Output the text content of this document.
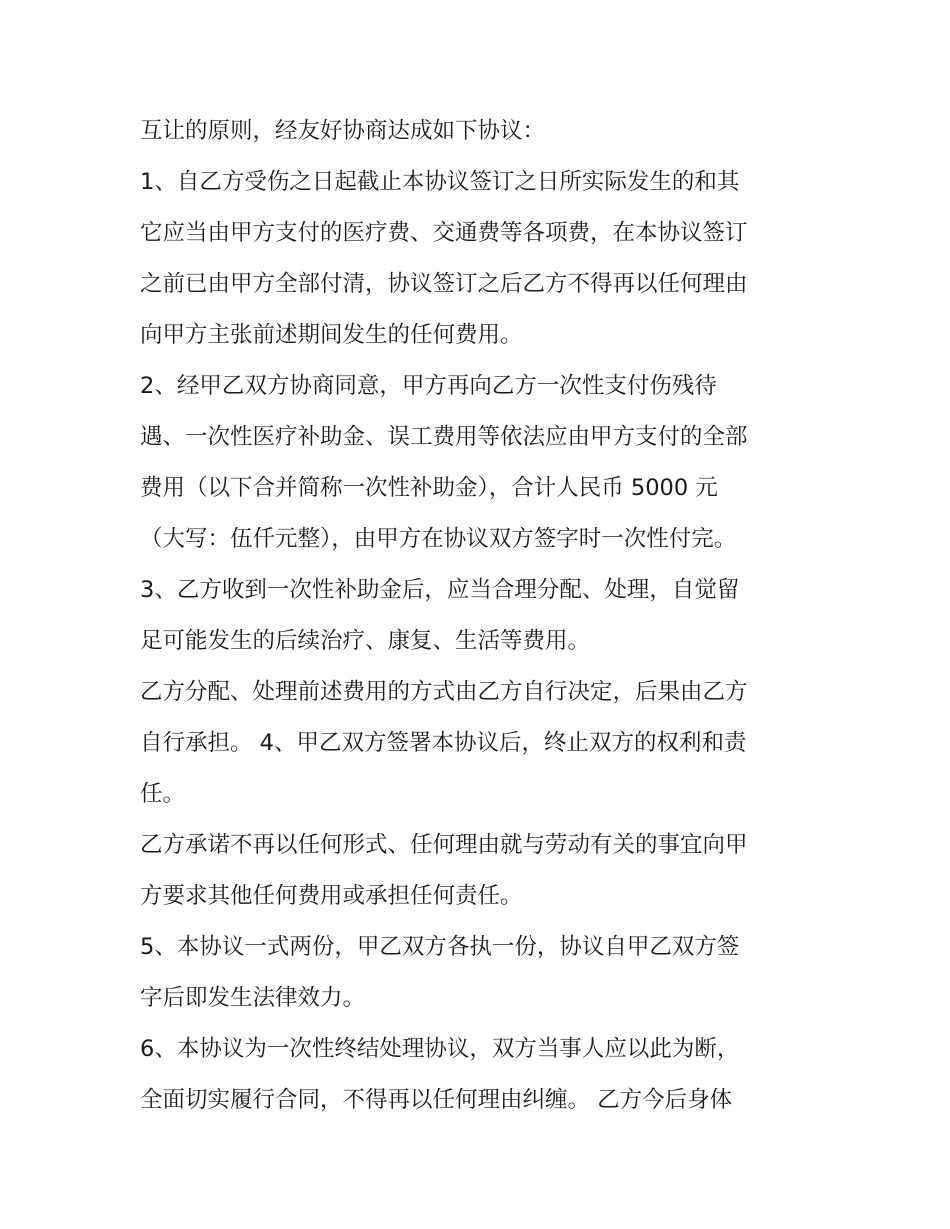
互让的原则，经友好协商达成如下协议：
1、自乙方受伤之日起截止本协议签订之日所实际发生的和其
它应当由甲方支付的医疗费、交通费等各项费，在本协议签订
之前已由甲方全部付清，协议签订之后乙方不得再以任何理由
向甲方主张前述期间发生的任何费用。
2、经甲乙双方协商同意，甲方再向乙方一次性支付伤残待
遇、一次性医疗补助金、误工费用等依法应由甲方支付的全部
费用（以下合并简称一次性补助金），合计人民币 5000 元
（大写：伍仟元整），由甲方在协议双方签字时一次性付完。
3、乙方收到一次性补助金后，应当合理分配、处理，自觉留
足可能发生的后续治疗、康复、生活等费用。
乙方分配、处理前述费用的方式由乙方自行决定，后果由乙方
自行承担。 4、甲乙双方签署本协议后，终止双方的权利和责
任。
乙方承诺不再以任何形式、任何理由就与劳动有关的事宜向甲
方要求其他任何费用或承担任何责任。
5、本协议一式两份，甲乙双方各执一份，协议自甲乙双方签
字后即发生法律效力。
6、本协议为一次性终结处理协议，双方当事人应以此为断，
全面切实履行合同，不得再以任何理由纠缠。 乙方今后身体
